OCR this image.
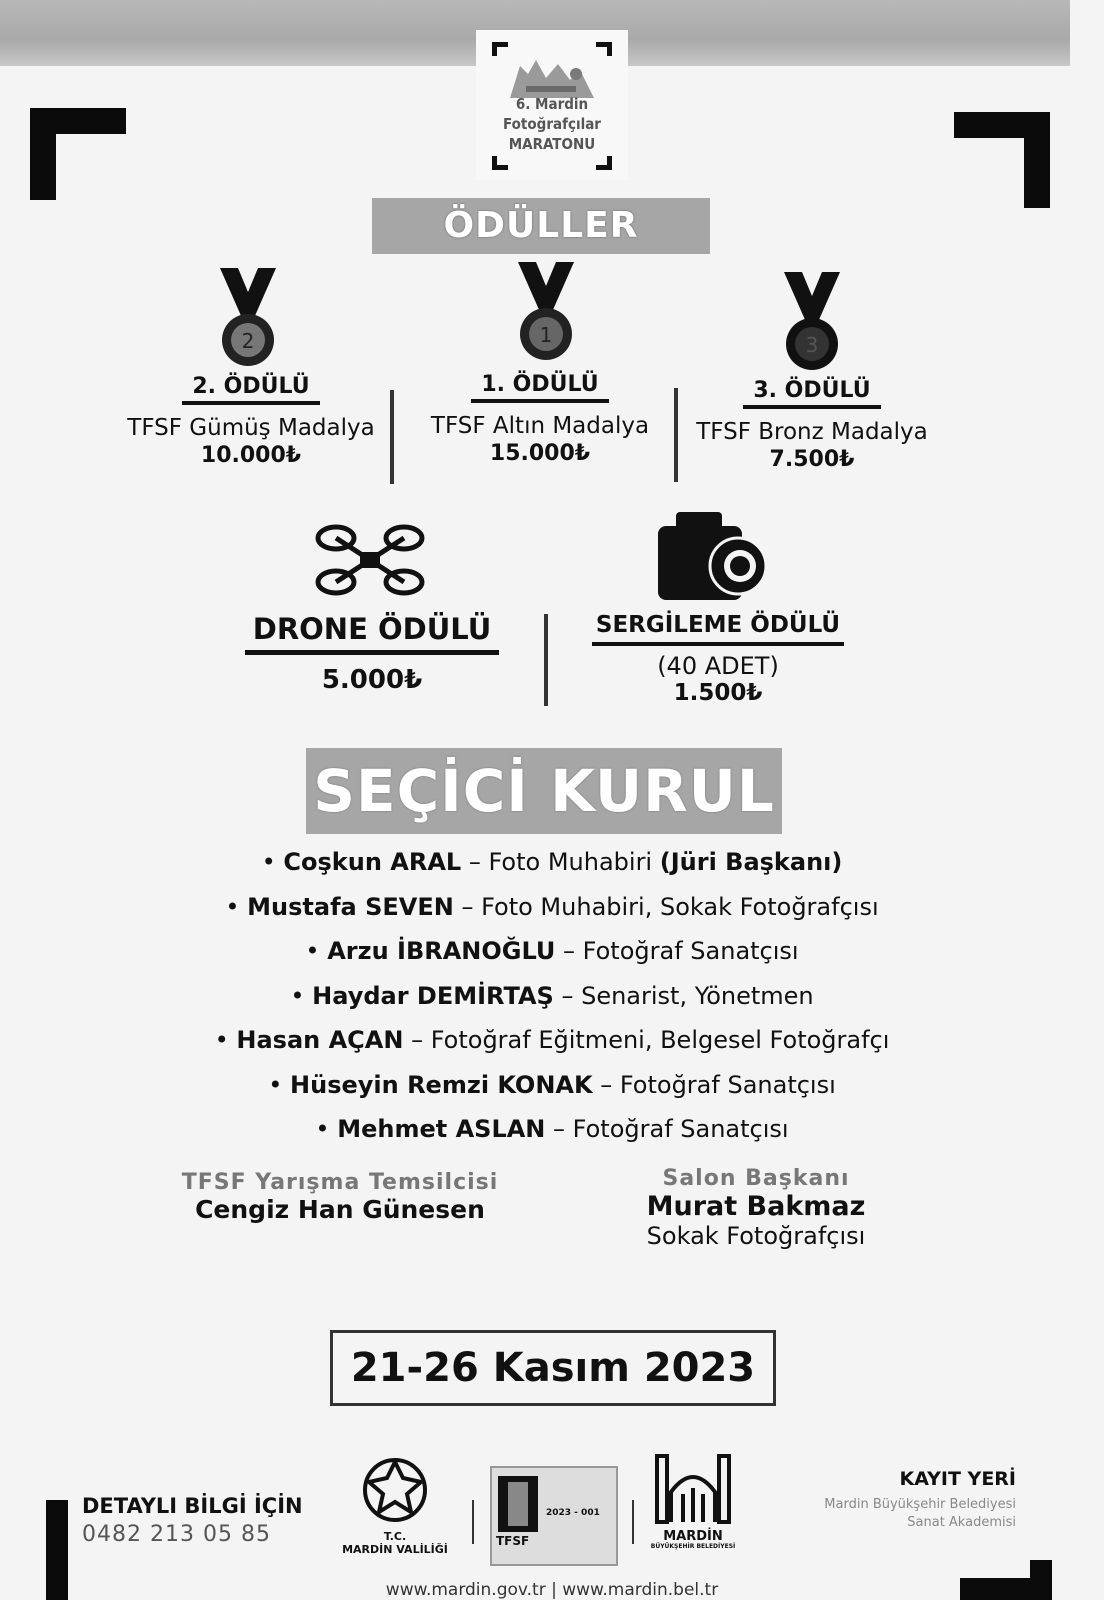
6. Mardin
Fotoğrafçılar
MARATONU
ÖDÜLLER
2	1	3
2. ÖDÜLÜ
TFSF Gümüş Madalya
10.000₺
1. ÖDÜLÜ
TFSF Altın Madalya
15.000₺
3. ÖDÜLÜ
TFSF Bronz Madalya
7.500₺
DRONE ÖDÜLÜ
5.000₺
SERGİLEME ÖDÜLÜ
(40 ADET)
1.500₺
SEÇİCİ KURUL
• Coşkun ARAL – Foto Muhabiri (Jüri Başkanı)
• Mustafa SEVEN – Foto Muhabiri, Sokak Fotoğrafçısı
• Arzu İBRANOĞLU – Fotoğraf Sanatçısı
• Haydar DEMİRTAŞ – Senarist, Yönetmen
• Hasan AÇAN – Fotoğraf Eğitmeni, Belgesel Fotoğrafçı
• Hüseyin Remzi KONAK – Fotoğraf Sanatçısı
• Mehmet ASLAN – Fotoğraf Sanatçısı
TFSF Yarışma Temsilcisi
Cengiz Han Günesen
Salon Başkanı
Murat Bakmaz
Sokak Fotoğrafçısı
21-26 Kasım 2023
DETAYLI BİLGİ İÇİN
0482 213 05 85	T.C.
MARDİN VALİLİĞİ
TFSF
2023 - 001
MARDİN
BÜYÜKŞEHİR BELEDİYESİ
KAYIT YERİ
Mardin Büyükşehir Belediyesi
Sanat Akademisi
www.mardin.gov.tr | www.mardin.bel.tr
